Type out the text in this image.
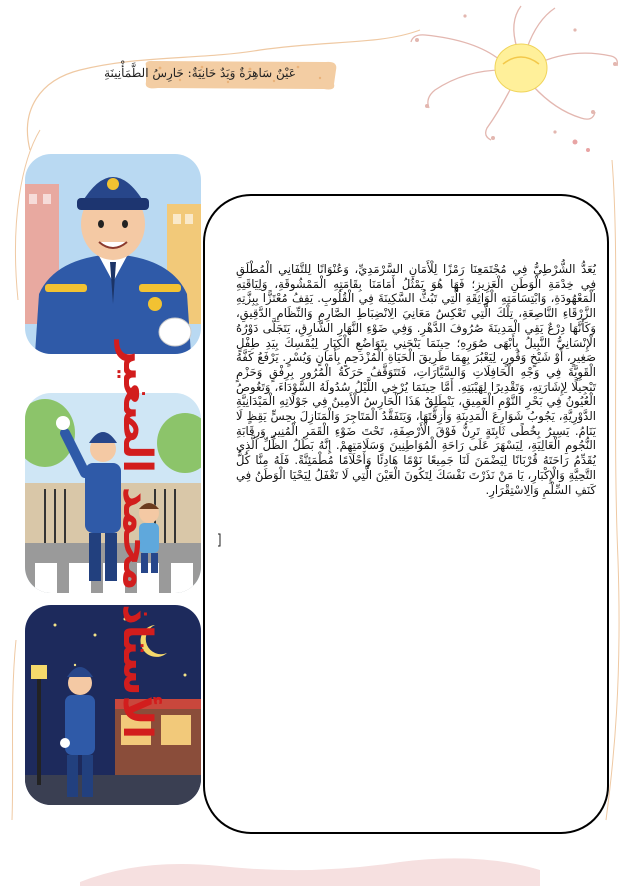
عَيْنٌ سَاهِرَةٌ وَيَدٌ حَانِيَةٌ: حَارِسُ الطَّمَأْنِينَةِ
الأستاذ محمد الصغير
يُعَدُّ الشُّرْطِيُّ فِي مُجْتَمَعِنَا رَمْزًا لِلْأَمَانِ السَّرْمَدِيِّ، وَعُنْوَانًا لِلتَّفَانِي الْمُطْلَقِ فِي خِدْمَةِ الْوَطَنِ الْعَزِيزِ؛ فَهَا هُوَ يَمْثُلُ أَمَامَنَا بِقَامَتِهِ الْمَمْشُوقَةِ، وَلِيَاقَتِهِ الْمَعْهُودَةِ، وَابْتِسَامَتِهِ الْوَاثِقَةِ الَّتِي تَبُثُّ السَّكِينَةَ فِي الْقُلُوبِ. يَقِفُ مُعْتَزًّا بِبِزَّتِهِ الزَّرْقَاءِ النَّاصِعَةِ، تِلْكَ الَّتِي تَعْكِسُ مَعَانِيَ الِانْضِبَاطِ الصَّارِمِ وَالنِّظَامِ الدَّقِيقِ، وَكَأَنَّهَا دِرْعٌ يَقِي الْمَدِينَةَ صُرُوفَ الدَّهْرِ. وَفِي ضَوْءِ النَّهَارِ الشَّارِقِ، يَتَجَلَّى دَوْرُهُ الْإِنْسَانِيُّ النَّبِيلُ بِأَبْهَى صُوَرِهِ؛ حِينَمَا يَنْحَنِي بِتَوَاضُعِ الْكِبَارِ لِيُمْسِكَ بِيَدِ طِفْلٍ صَغِيرٍ، أَوْ شَيْخٍ وَقُورٍ، لِيَعْبُرَ بِهِمَا طَرِيقَ الْحَيَاةِ الْمُزْدَحِمِ بِأَمَانٍ وَيُسْرٍ. يَرْفَعُ كَفَّهُ الْقَوِيَّةَ فِي وَجْهِ الْحَافِلَاتِ وَالسَّيَّارَاتِ، فَتَتَوَقَّفُ حَرَكَةُ الْمُرُورِ بِرِفْقٍ وَحَزْمٍ تَبْجِيلًا لِإِشَارَتِهِ، وَتَقْدِيرًا لِهَيْبَتِهِ. أَمَّا حِينَمَا يُرْخِي اللَّيْلُ سُدُولَهُ السَّوْدَاءَ، وَتَغُوصُ الْعُيُونُ فِي بَحْرِ النَّوْمِ الْعَمِيقِ، يَنْطَلِقُ هَذَا الْحَارِسُ الْأَمِينُ فِي جَوْلَاتِهِ الْمَيْدَانِيَّةِ الدَّوْرِيَّةِ، يَجُوبُ شَوَارِعَ الْمَدِينَةِ وَأَزِقَّتَهَا، وَيَتَفَقَّدُ الْمَتَاجِرَ وَالْمَنَازِلَ بِحِسٍّ يَقِظٍ لَا يَنَامُ. يَسِيرُ بِخُطًى ثَابِتَةٍ تَرِنُّ فَوْقَ الْأَرْصِفَةِ، تَحْتَ ضَوْءِ الْقَمَرِ الْمُنِيرِ وَرِقَابَةِ النُّجُومِ الْعَالِيَةِ، لِيَسْهَرَ عَلَى رَاحَةِ الْمُوَاطِنِينَ وَسَلَامَتِهِمْ. إِنَّهُ بَطَلُ الظِّلِّ الَّذِي يُقَدِّمُ رَاحَتَهُ قُرْبَانًا لِيَضْمَنَ لَنَا جَمِيعًا نَوْمًا هَادِئًا وَأَحْلَامًا مُطْمَئِنَّةً. فَلَهُ مِنَّا كُلُّ التَّحِيَّةِ وَالْإِكْبَارِ، يَا مَنْ نَذَرْتَ نَفْسَكَ لِتَكُونَ الْعَيْنَ الَّتِي لَا تَغْفَلُ لِيَحْيَا الْوَطَنُ فِي كَنَفِ السِّلْمِ وَالِاسْتِقْرَارِ.
